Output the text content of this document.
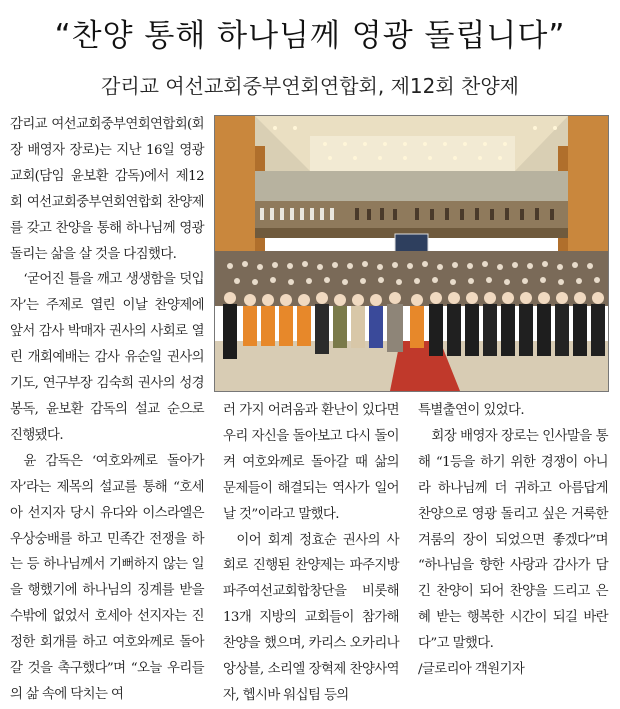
“찬양 통해 하나님께 영광 돌립니다”
감리교 여선교회중부연회연합회, 제12회 찬양제

감리교 여선교회중부연회연합회(회장 배영자 장로)는 지난 16일 영광교회(담임 윤보환 감독)에서 제12회 여선교회중부연회연합회 찬양제를 갖고 찬양을 통해 하나님께 영광돌리는 삶을 살 것을 다짐했다.

‘굳어진 틀을 깨고 생생함을 덧입자’는 주제로 열린 이날 찬양제에 앞서 감사 박매자 권사의 사회로 열린 개회예배는 감사 유순일 권사의 기도, 연구부장 김숙희 권사의 성경봉독, 윤보환 감독의 설교 순으로 진행됐다.

윤 감독은 ‘여호와께로 돌아가자’라는 제목의 설교를 통해 “호세아 선지자 당시 유다와 이스라엘은 우상숭배를 하고 민족간 전쟁을 하는 등 하나님께서 기뻐하지 않는 일을 행했기에 하나님의 징계를 받을 수밖에 없었서 호세아 선지자는 진정한 회개를 하고 여호와께로 돌아갈 것을 촉구했다”며 “오늘 우리들의 삶 속에 닥치는 여

러 가지 어려움과 환난이 있다면 우리 자신을 돌아보고 다시 돌이켜 여호와께로 돌아갈 때 삶의 문제들이 해결되는 역사가 일어날 것”이라고 말했다.

이어 회계 정효순 권사의 사회로 진행된 찬양제는 파주지방 파주여선교회합창단을 비롯해 13개 지방의 교회들이 참가해 찬양을 했으며, 카리스 오카리나 앙상블, 소리엘 장혁제 찬양사역자, 헵시바 워십팀 등의

특별출연이 있었다.

회장 배영자 장로는 인사말을 통해 “1등을 하기 위한 경쟁이 아니라 하나님께 더 귀하고 아름답게 찬양으로 영광 돌리고 싶은 거룩한 겨룸의 장이 되었으면 좋겠다”며 “하나님을 향한 사랑과 감사가 담긴 찬양이 되어 찬양을 드리고 은혜 받는 행복한 시간이 되길 바란다”고 말했다.

/글로리아 객원기자
